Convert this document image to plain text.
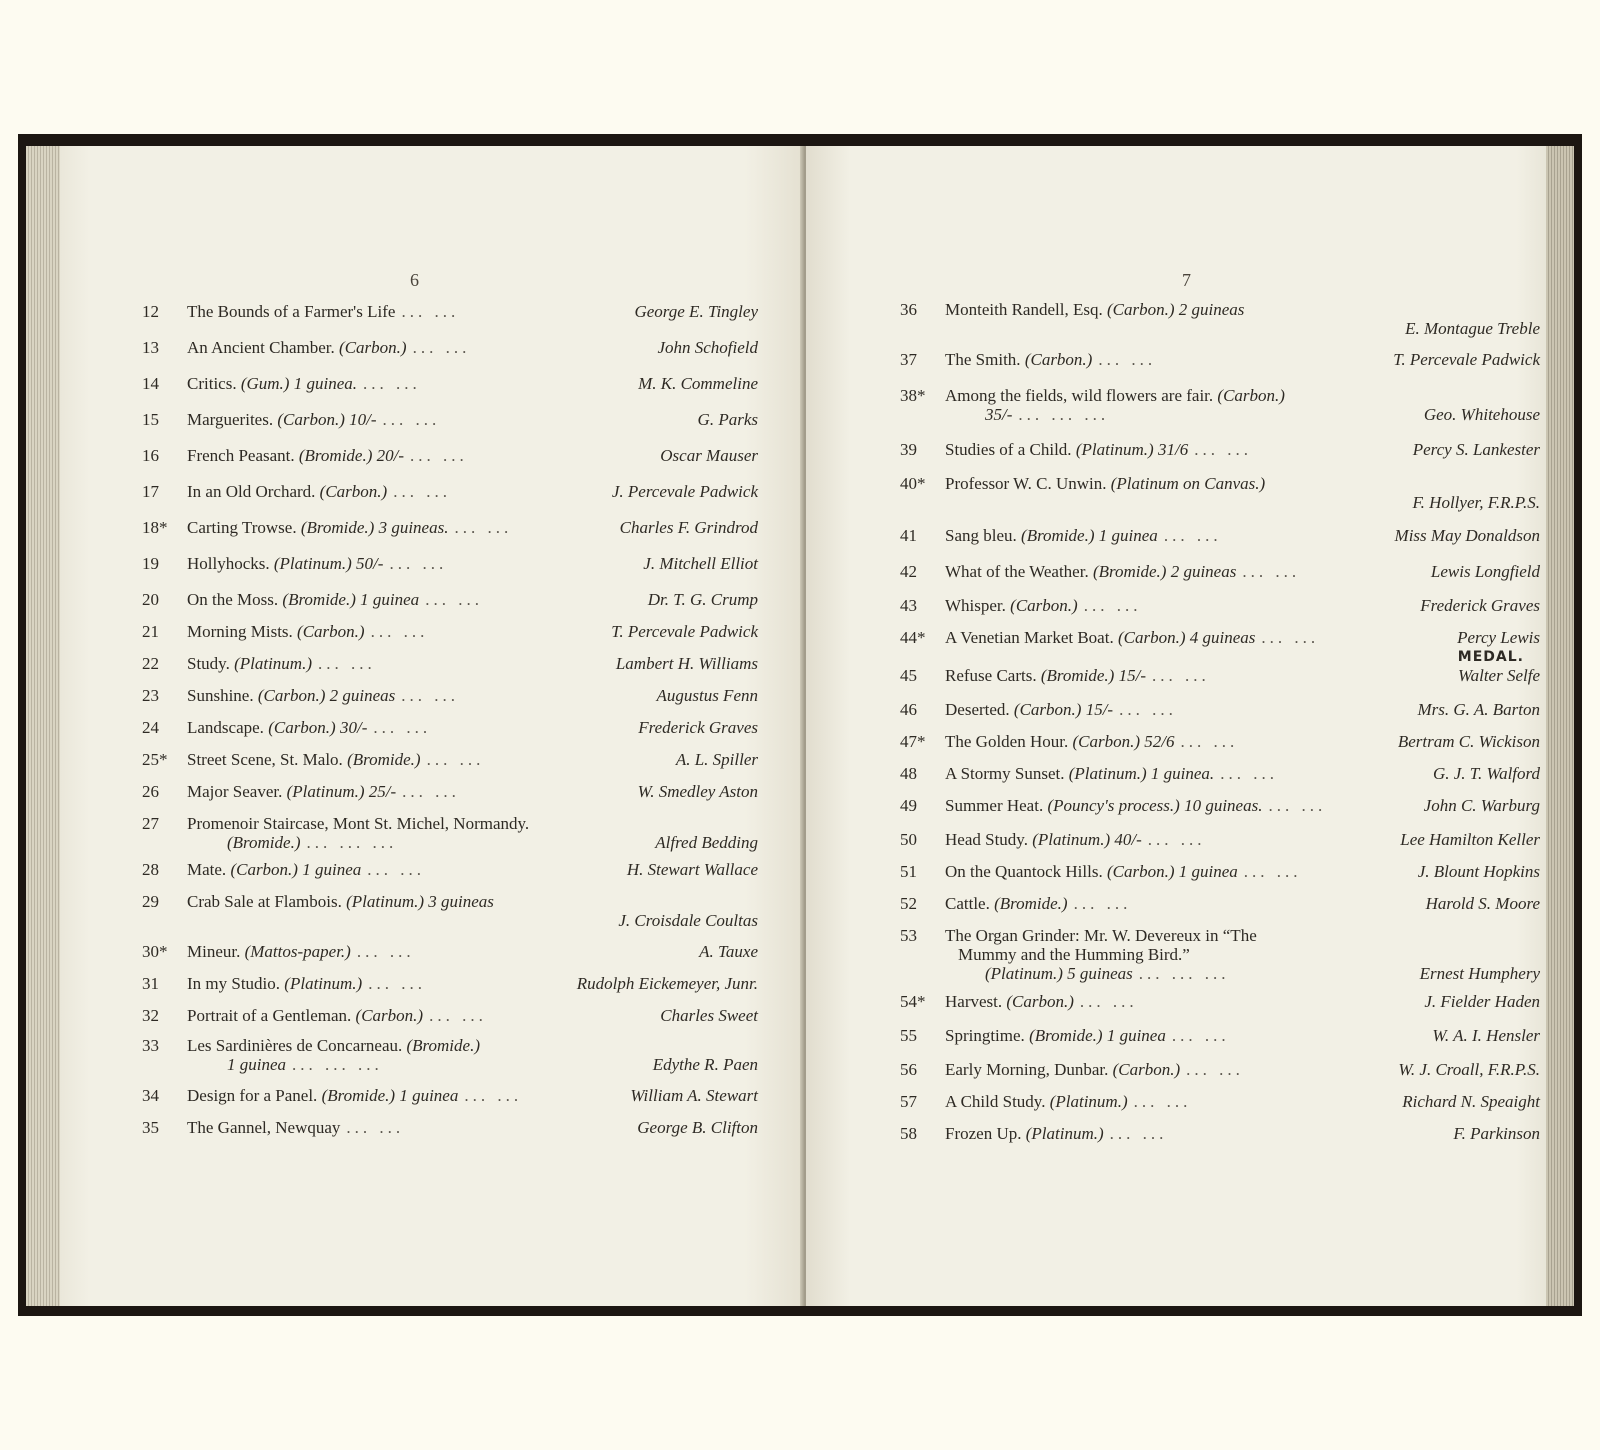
6
12	The Bounds of a Farmer's Life ... ...	George E. Tingley
13	An Ancient Chamber. (Carbon.) ... ...	John Schofield
14	Critics. (Gum.) 1 guinea. ... ...	M. K. Commeline
15	Marguerites. (Carbon.) 10/- ... ...	G. Parks
16	French Peasant. (Bromide.) 20/- ... ...	Oscar Mauser
17	In an Old Orchard. (Carbon.) ... ...	J. Percevale Padwick
18*	Carting Trowse. (Bromide.) 3 guineas. ... ...	Charles F. Grindrod
19	Hollyhocks. (Platinum.) 50/- ... ...	J. Mitchell Elliot
20	On the Moss. (Bromide.) 1 guinea ... ...	Dr. T. G. Crump
21	Morning Mists. (Carbon.) ... ...	T. Percevale Padwick
22	Study. (Platinum.) ... ...	Lambert H. Williams
23	Sunshine. (Carbon.) 2 guineas ... ...	Augustus Fenn
24	Landscape. (Carbon.) 30/- ... ...	Frederick Graves
25*	Street Scene, St. Malo. (Bromide.) ... ...	A. L. Spiller
26	Major Seaver. (Platinum.) 25/- ... ...	W. Smedley Aston
27	Promenoir Staircase, Mont St. Michel, Normandy.
(Bromide.) ... ... ...	Alfred Bedding
28	Mate. (Carbon.) 1 guinea ... ...	H. Stewart Wallace
29	Crab Sale at Flambois. (Platinum.) 3 guineas
J. Croisdale Coultas
30*	Mineur. (Mattos-paper.) ... ...	A. Tauxe
31	In my Studio. (Platinum.) ... ...	Rudolph Eickemeyer, Junr.
32	Portrait of a Gentleman. (Carbon.) ... ...	Charles Sweet
33	Les Sardinières de Concarneau. (Bromide.)
1 guinea ... ... ...	Edythe R. Paen
34	Design for a Panel. (Bromide.) 1 guinea ... ...	William A. Stewart
35	The Gannel, Newquay ... ...	George B. Clifton
7
36	Monteith Randell, Esq. (Carbon.) 2 guineas
E. Montague Treble
37	The Smith. (Carbon.) ... ...	T. Percevale Padwick
38*	Among the fields, wild flowers are fair. (Carbon.)
35/- ... ... ...	Geo. Whitehouse
39	Studies of a Child. (Platinum.) 31/6 ... ...	Percy S. Lankester
40*	Professor W. C. Unwin. (Platinum on Canvas.)
F. Hollyer, F.R.P.S.
41	Sang bleu. (Bromide.) 1 guinea ... ...	Miss May Donaldson
42	What of the Weather. (Bromide.) 2 guineas ... ...	Lewis Longfield
43	Whisper. (Carbon.) ... ...	Frederick Graves
44*	A Venetian Market Boat. (Carbon.) 4 guineas ... ...	Percy Lewis
MEDAL.
45	Refuse Carts. (Bromide.) 15/- ... ...	Walter Selfe
46	Deserted. (Carbon.) 15/- ... ...	Mrs. G. A. Barton
47*	The Golden Hour. (Carbon.) 52/6 ... ...	Bertram C. Wickison
48	A Stormy Sunset. (Platinum.) 1 guinea. ... ...	G. J. T. Walford
49	Summer Heat. (Pouncy's process.) 10 guineas. ... ...	John C. Warburg
50	Head Study. (Platinum.) 40/- ... ...	Lee Hamilton Keller
51	On the Quantock Hills. (Carbon.) 1 guinea ... ...	J. Blount Hopkins
52	Cattle. (Bromide.) ... ...	Harold S. Moore
53	The Organ Grinder: Mr. W. Devereux in “The
Mummy and the Humming Bird.”
(Platinum.) 5 guineas ... ... ...	Ernest Humphery
54*	Harvest. (Carbon.) ... ...	J. Fielder Haden
55	Springtime. (Bromide.) 1 guinea ... ...	W. A. I. Hensler
56	Early Morning, Dunbar. (Carbon.) ... ...	W. J. Croall, F.R.P.S.
57	A Child Study. (Platinum.) ... ...	Richard N. Speaight
58	Frozen Up. (Platinum.) ... ...	F. Parkinson
